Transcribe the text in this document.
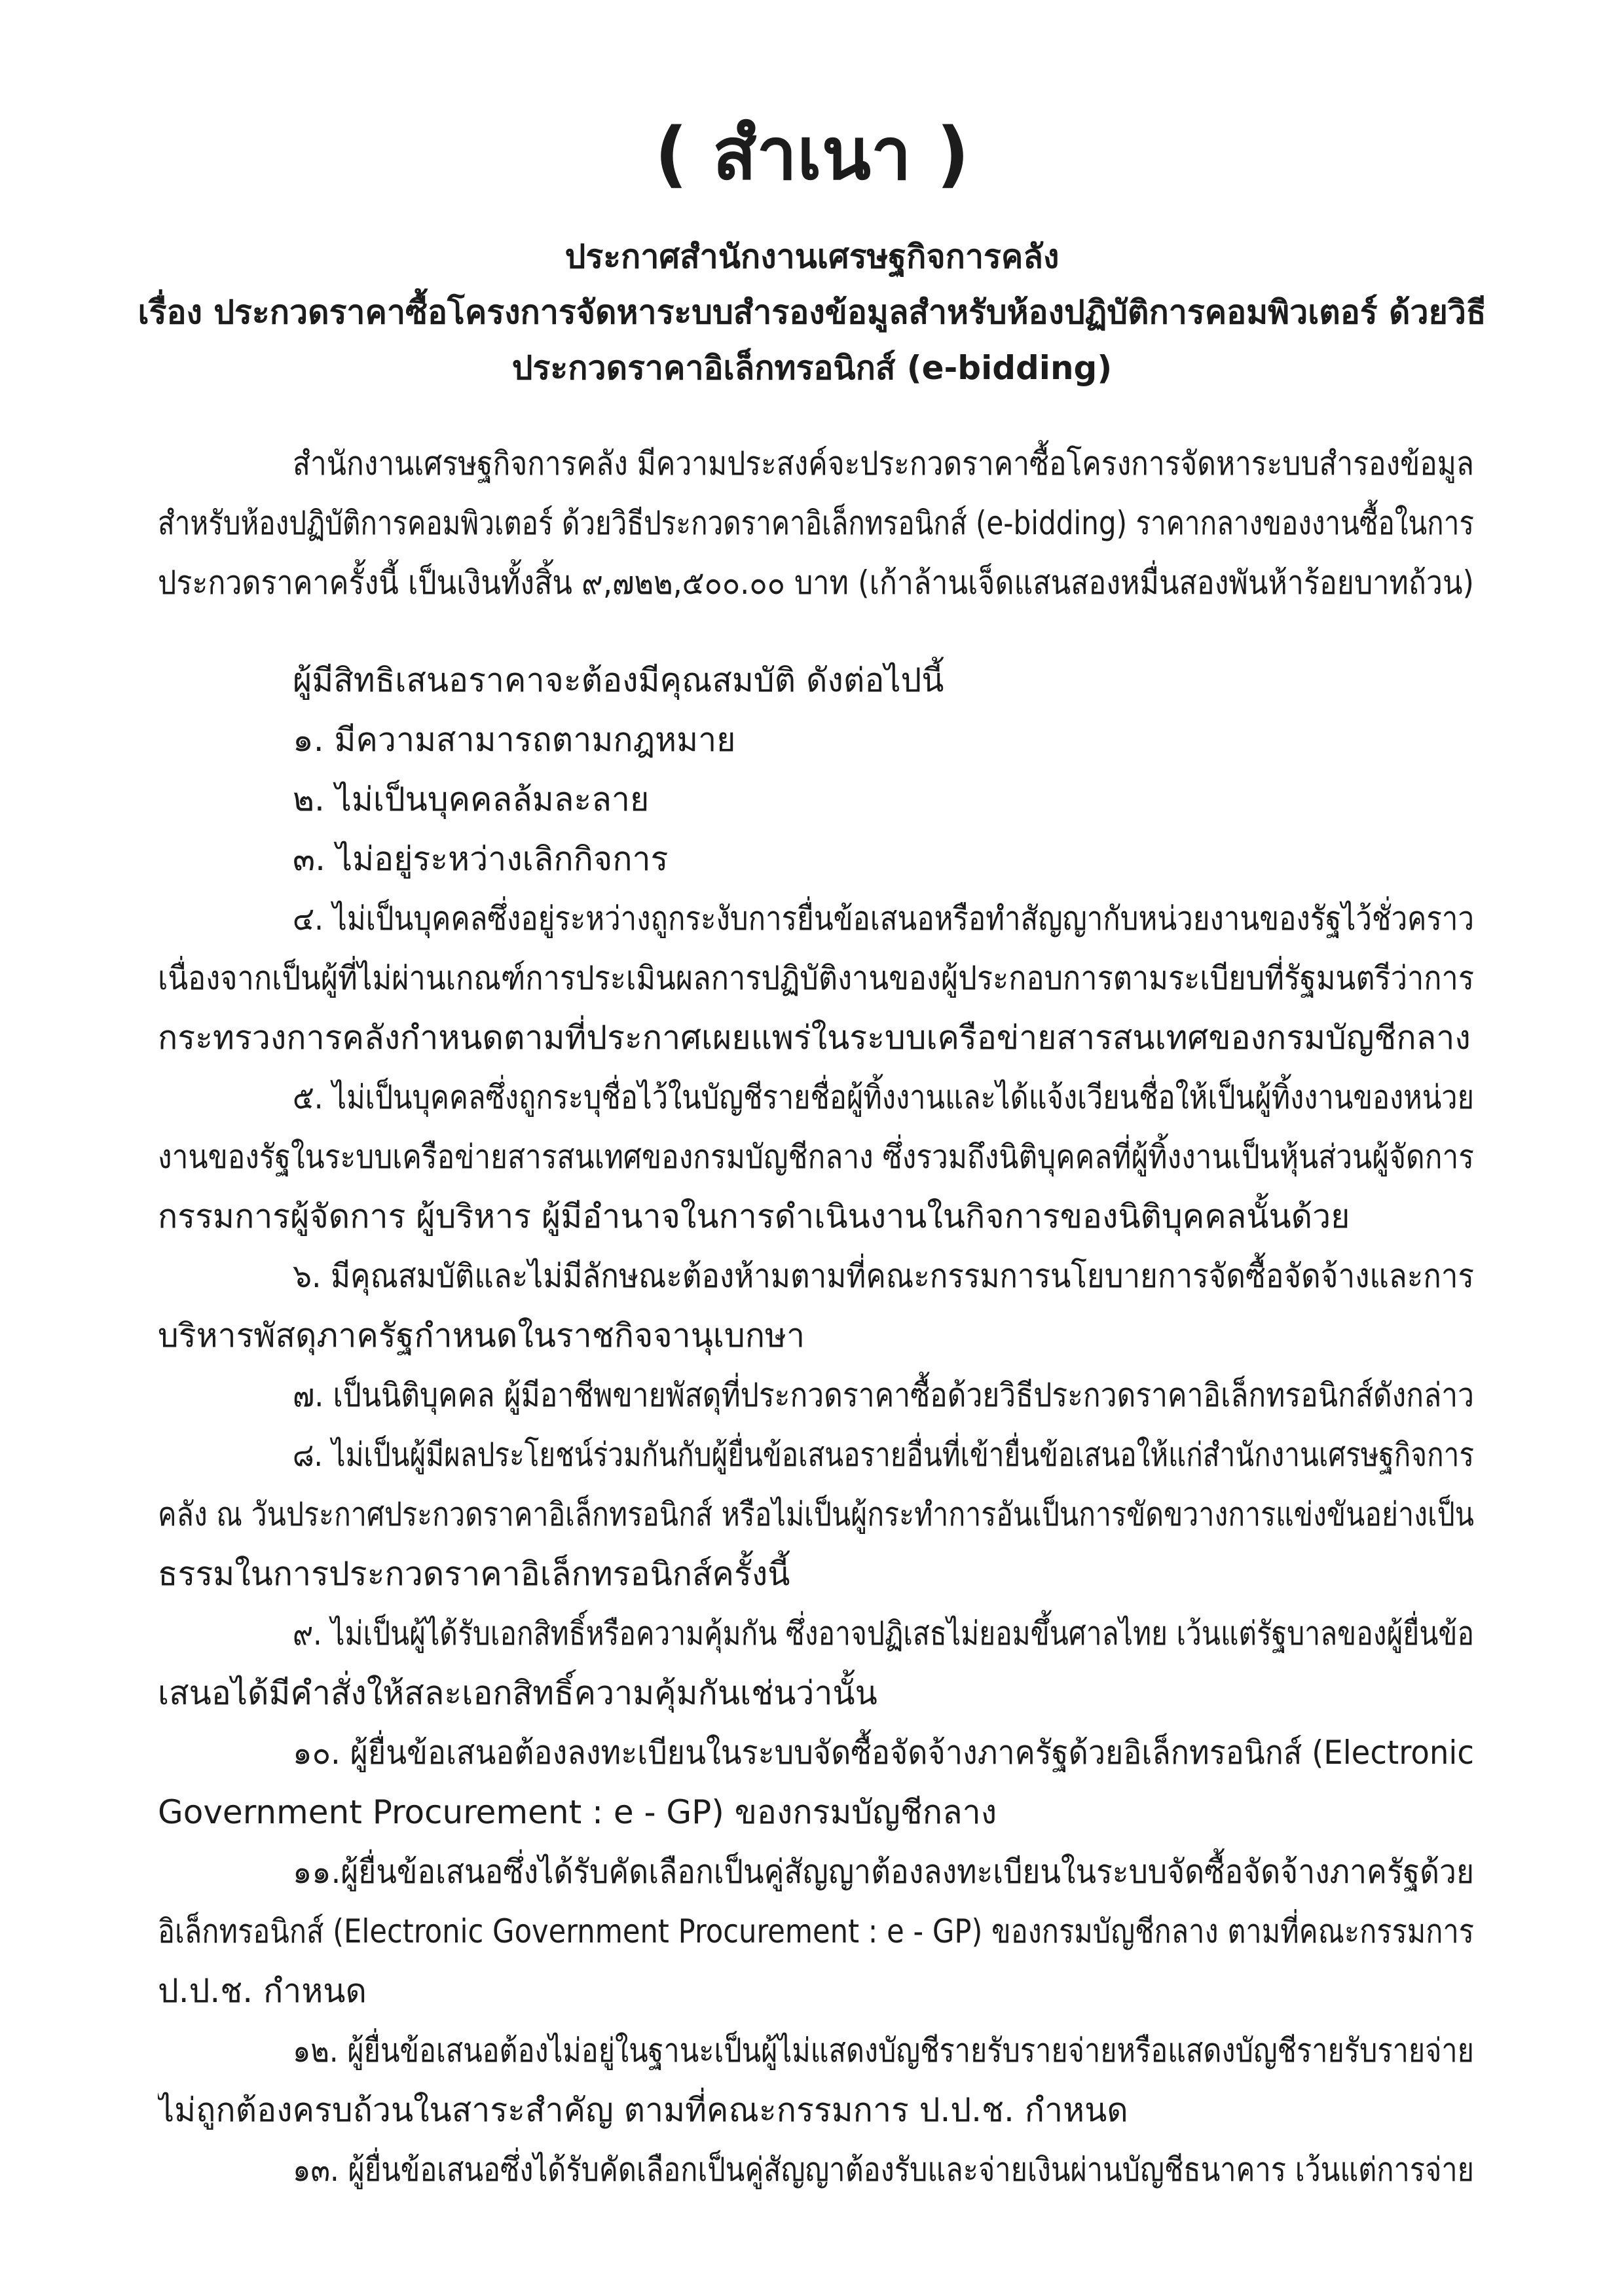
( สำเนา )
ประกาศสำนักงานเศรษฐกิจการคลัง
เรื่อง ประกวดราคาซื้อโครงการจัดหาระบบสำรองข้อมูลสำหรับห้องปฏิบัติการคอมพิวเตอร์ ด้วยวิธี
ประกวดราคาอิเล็กทรอนิกส์ (e-bidding)
สำนักงานเศรษฐกิจการคลัง มีความประสงค์จะประกวดราคาซื้อโครงการจัดหาระบบสำรองข้อมูล
สำหรับห้องปฏิบัติการคอมพิวเตอร์ ด้วยวิธีประกวดราคาอิเล็กทรอนิกส์ (e-bidding) ราคากลางของงานซื้อในการ
ประกวดราคาครั้งนี้ เป็นเงินทั้งสิ้น ๙,๗๒๒,๕๐๐.๐๐ บาท (เก้าล้านเจ็ดแสนสองหมื่นสองพันห้าร้อยบาทถ้วน)
ผู้มีสิทธิเสนอราคาจะต้องมีคุณสมบัติ ดังต่อไปนี้
๑. มีความสามารถตามกฎหมาย
๒. ไม่เป็นบุคคลล้มละลาย
๓. ไม่อยู่ระหว่างเลิกกิจการ
๔. ไม่เป็นบุคคลซึ่งอยู่ระหว่างถูกระงับการยื่นข้อเสนอหรือทำสัญญากับหน่วยงานของรัฐไว้ชั่วคราว
เนื่องจากเป็นผู้ที่ไม่ผ่านเกณฑ์การประเมินผลการปฏิบัติงานของผู้ประกอบการตามระเบียบที่รัฐมนตรีว่าการ
กระทรวงการคลังกำหนดตามที่ประกาศเผยแพร่ในระบบเครือข่ายสารสนเทศของกรมบัญชีกลาง
๕. ไม่เป็นบุคคลซึ่งถูกระบุชื่อไว้ในบัญชีรายชื่อผู้ทิ้งงานและได้แจ้งเวียนชื่อให้เป็นผู้ทิ้งงานของหน่วย
งานของรัฐในระบบเครือข่ายสารสนเทศของกรมบัญชีกลาง ซึ่งรวมถึงนิติบุคคลที่ผู้ทิ้งงานเป็นหุ้นส่วนผู้จัดการ
กรรมการผู้จัดการ ผู้บริหาร ผู้มีอำนาจในการดำเนินงานในกิจการของนิติบุคคลนั้นด้วย
๖. มีคุณสมบัติและไม่มีลักษณะต้องห้ามตามที่คณะกรรมการนโยบายการจัดซื้อจัดจ้างและการ
บริหารพัสดุภาครัฐกำหนดในราชกิจจานุเบกษา
๗. เป็นนิติบุคคล ผู้มีอาชีพขายพัสดุที่ประกวดราคาซื้อด้วยวิธีประกวดราคาอิเล็กทรอนิกส์ดังกล่าว
๘. ไม่เป็นผู้มีผลประโยชน์ร่วมกันกับผู้ยื่นข้อเสนอรายอื่นที่เข้ายื่นข้อเสนอให้แก่สำนักงานเศรษฐกิจการ
คลัง ณ วันประกาศประกวดราคาอิเล็กทรอนิกส์ หรือไม่เป็นผู้กระทำการอันเป็นการขัดขวางการแข่งขันอย่างเป็น
ธรรมในการประกวดราคาอิเล็กทรอนิกส์ครั้งนี้
๙. ไม่เป็นผู้ได้รับเอกสิทธิ์หรือความคุ้มกัน ซึ่งอาจปฏิเสธไม่ยอมขึ้นศาลไทย เว้นแต่รัฐบาลของผู้ยื่นข้อ
เสนอได้มีคำสั่งให้สละเอกสิทธิ์ความคุ้มกันเช่นว่านั้น
๑๐. ผู้ยื่นข้อเสนอต้องลงทะเบียนในระบบจัดซื้อจัดจ้างภาครัฐด้วยอิเล็กทรอนิกส์ (Electronic
Government Procurement : e - GP) ของกรมบัญชีกลาง
๑๑.ผู้ยื่นข้อเสนอซึ่งได้รับคัดเลือกเป็นคู่สัญญาต้องลงทะเบียนในระบบจัดซื้อจัดจ้างภาครัฐด้วย
อิเล็กทรอนิกส์ (Electronic Government Procurement : e - GP) ของกรมบัญชีกลาง ตามที่คณะกรรมการ
ป.ป.ช. กำหนด
๑๒. ผู้ยื่นข้อเสนอต้องไม่อยู่ในฐานะเป็นผู้ไม่แสดงบัญชีรายรับรายจ่ายหรือแสดงบัญชีรายรับรายจ่าย
ไม่ถูกต้องครบถ้วนในสาระสำคัญ ตามที่คณะกรรมการ ป.ป.ช. กำหนด
๑๓. ผู้ยื่นข้อเสนอซึ่งได้รับคัดเลือกเป็นคู่สัญญาต้องรับและจ่ายเงินผ่านบัญชีธนาคาร เว้นแต่การจ่าย
